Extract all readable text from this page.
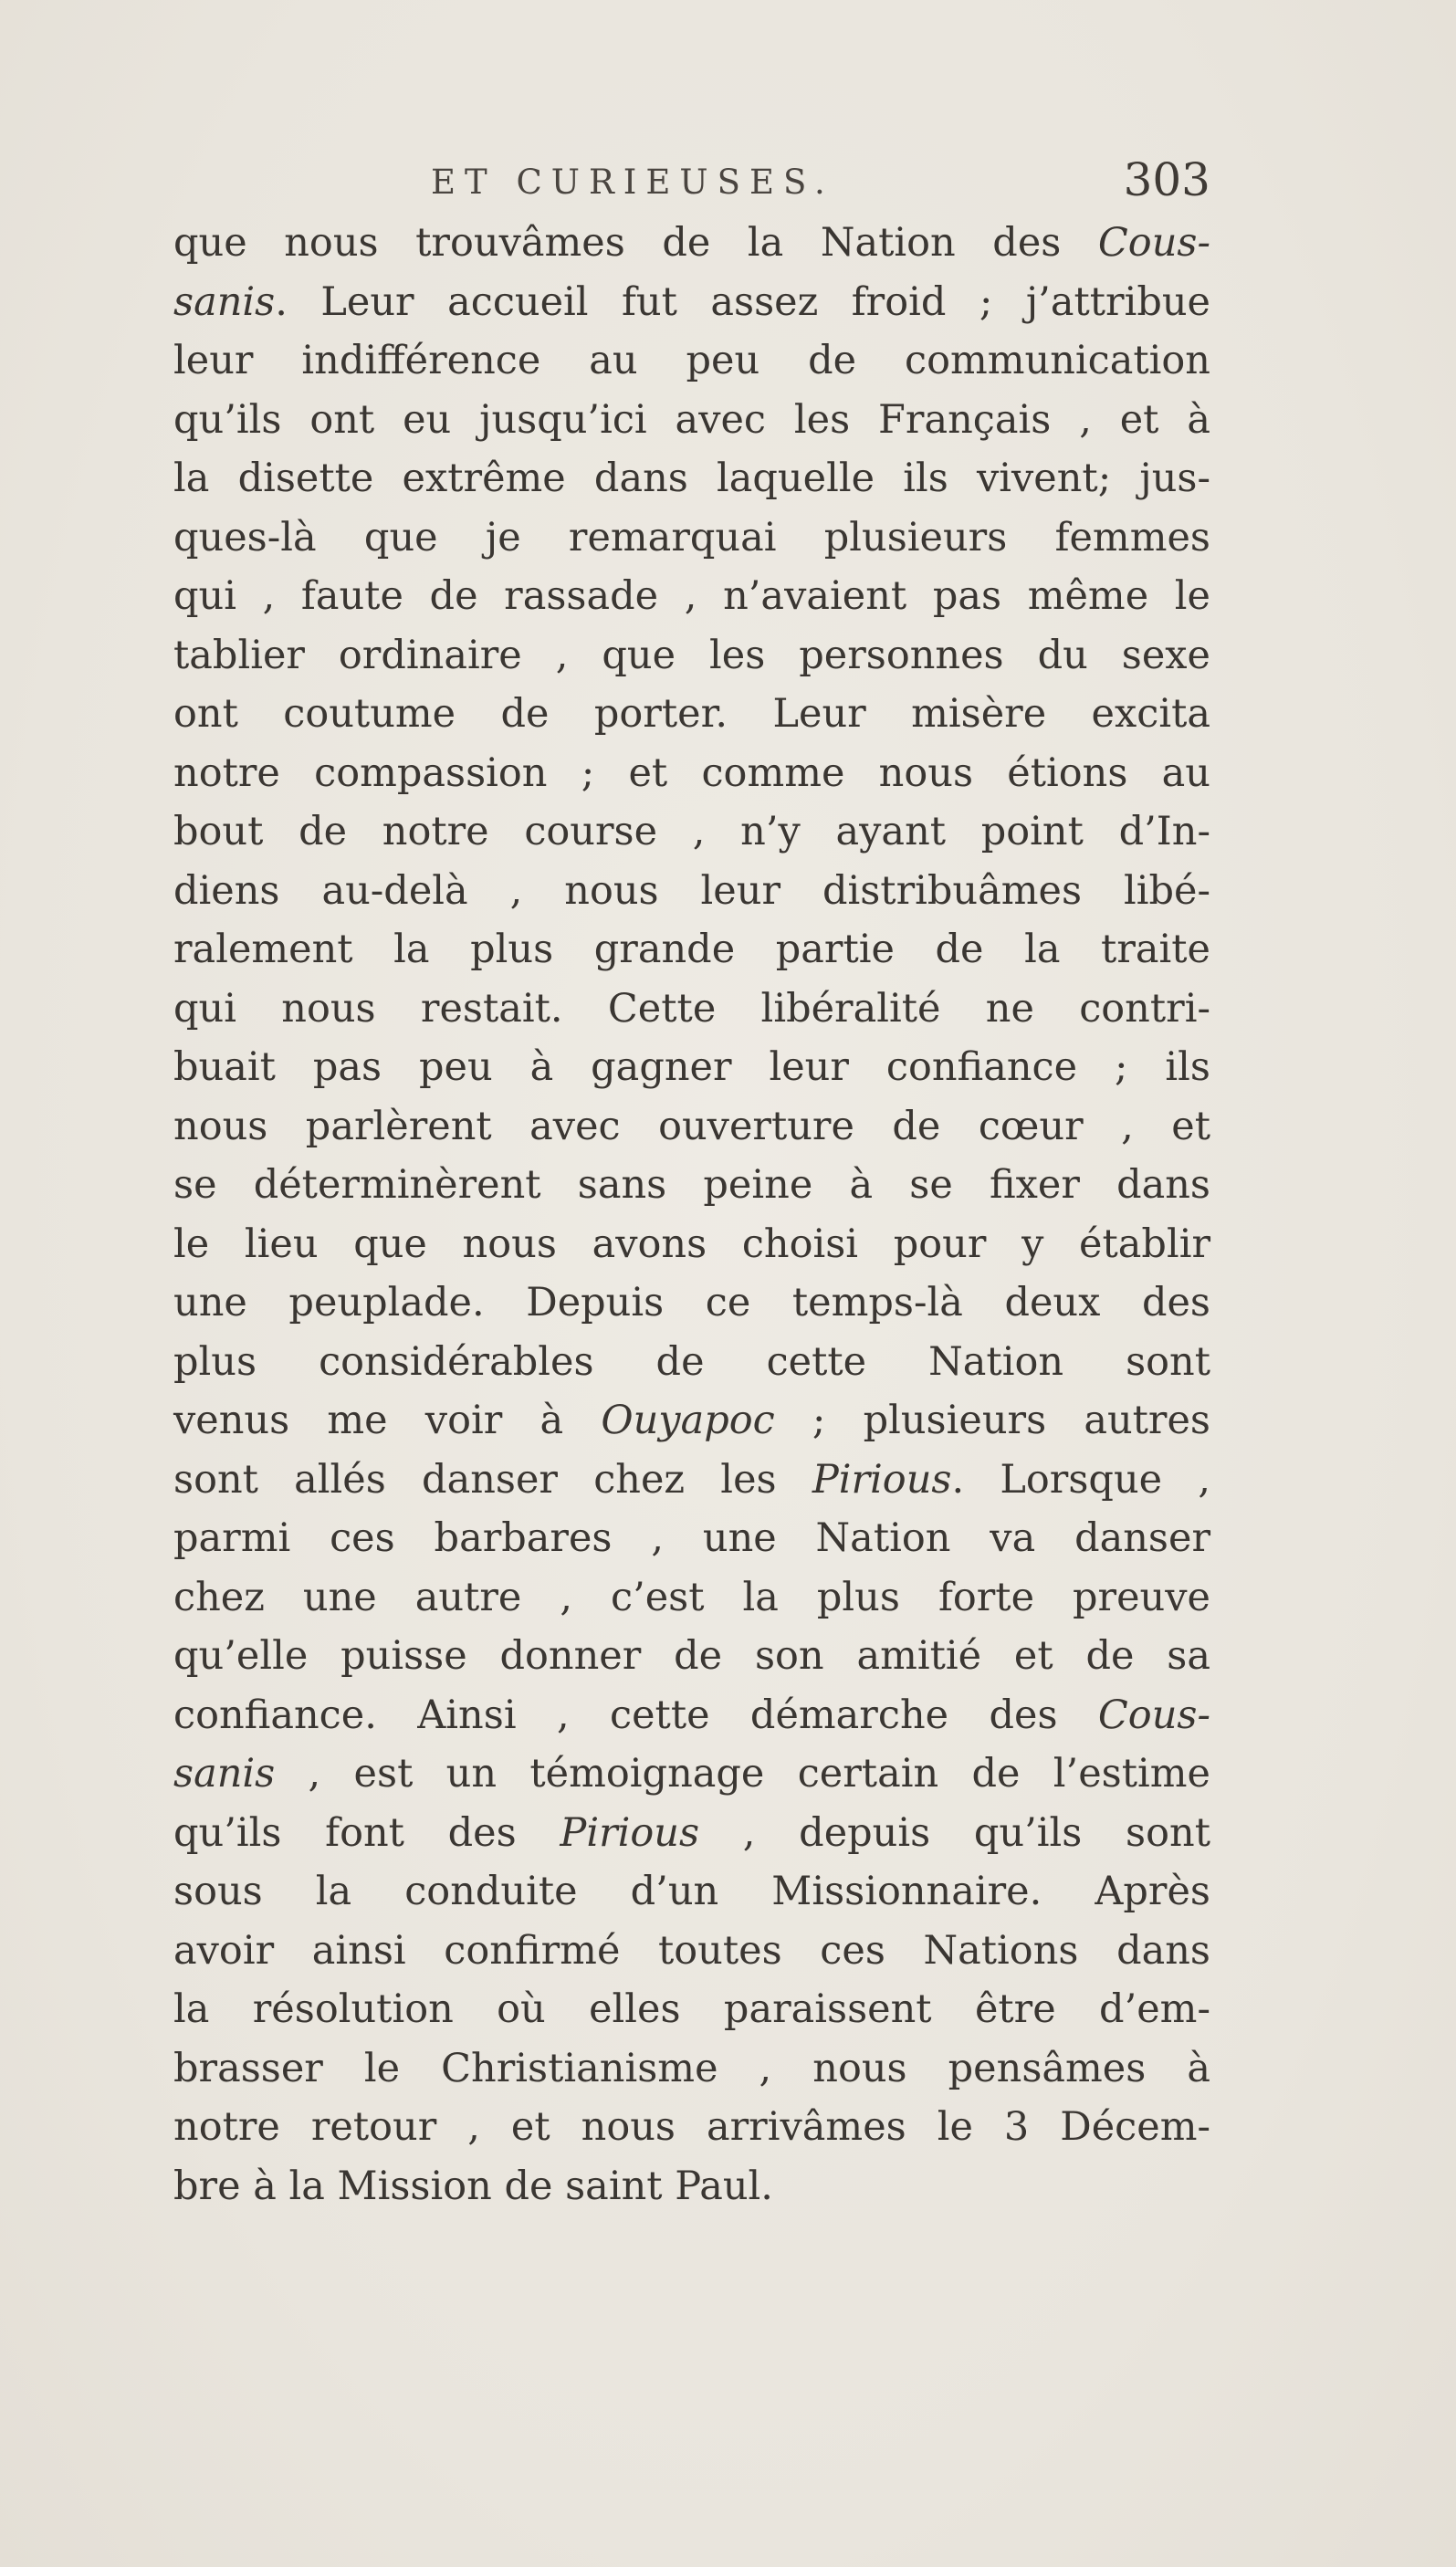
ET CURIEUSES.	303
que nous trouvâmes de la Nation des Cous-
sanis. Leur accueil fut assez froid ; j’attribue
leur indifférence au peu de communication
qu’ils ont eu jusqu’ici avec les Français , et à
la disette extrême dans laquelle ils vivent; jus-
ques-là que je remarquai plusieurs femmes
qui , faute de rassade , n’avaient pas même le
tablier ordinaire , que les personnes du sexe
ont coutume de porter. Leur misère excita
notre compassion ; et comme nous étions au
bout de notre course , n’y ayant point d’In-
diens au-delà , nous leur distribuâmes libé-
ralement la plus grande partie de la traite
qui nous restait. Cette libéralité ne contri-
buait pas peu à gagner leur confiance ; ils
nous parlèrent avec ouverture de cœur , et
se déterminèrent sans peine à se fixer dans
le lieu que nous avons choisi pour y établir
une peuplade. Depuis ce temps-là deux des
plus considérables de cette Nation sont
venus me voir à Ouyapoc ; plusieurs autres
sont allés danser chez les Pirious. Lorsque ,
parmi ces barbares , une Nation va danser
chez une autre , c’est la plus forte preuve
qu’elle puisse donner de son amitié et de sa
confiance. Ainsi , cette démarche des Cous-
sanis , est un témoignage certain de l’estime
qu’ils font des Pirious , depuis qu’ils sont
sous la conduite d’un Missionnaire. Après
avoir ainsi confirmé toutes ces Nations dans
la résolution où elles paraissent être d’em-
brasser le Christianisme , nous pensâmes à
notre retour , et nous arrivâmes le 3 Décem-
bre à la Mission de saint Paul.
